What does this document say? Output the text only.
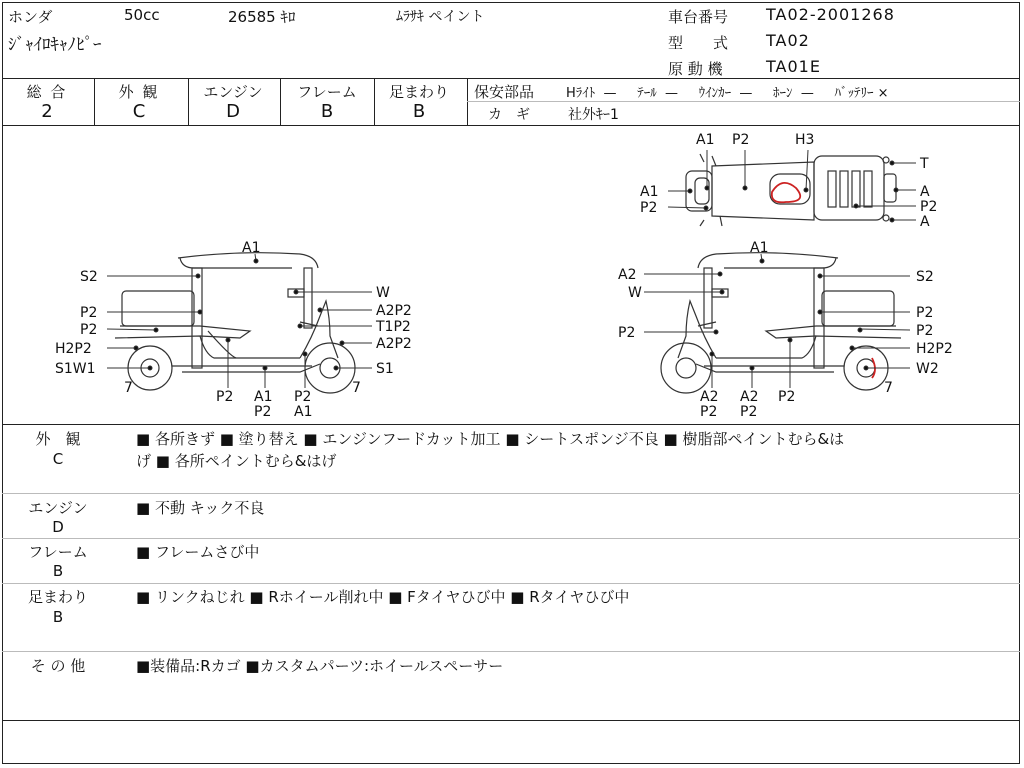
ホンダ	50cc	26585 ｷﾛ	ﾑﾗｻｷ ペイント
ｼﾞｬｲﾛｷｬﾉﾋﾟｰ
車台番号 TA02-2001268
型　　式 TA02
原 動 機	TA01E
総 合
2
外 観
C
エンジン
D
フレーム
B
足まわり
B
保安部品 Hﾗｲﾄ  —     ﾃｰﾙ  —     ｳｲﾝｶｰ  —     ﾎｰﾝ  —     ﾊﾞｯﾃﾘｰ ×
カ　ギ	社外ｷｰ1
A1 P2	H3
T
A1
P2
A
P2
A
A1
S2
W
P2	A2P2
P2	T1P2
H2P2	A2P2
S1W1	S1
7	7
P2 A1
P2
P2
A1
A1
A2	S2
W
P2
P2	P2
H2P2
W2
7
A2
P2
A2
P2
P2
外　観
C
■ 各所きず ■ 塗り替え ■ エンジンフードカット加工 ■ シートスポンジ不良 ■ 樹脂部ペイントむら&は
げ ■ 各所ペイントむら&はげ
エンジン
D
■ 不動 キック不良
フレーム
B
■ フレームさび中
足まわり
B
■ リンクねじれ ■ Rホイール削れ中 ■ Fタイヤひび中 ■ Rタイヤひび中
そ の 他	■装備品:Rカゴ ■カスタムパーツ:ホイールスペーサー
